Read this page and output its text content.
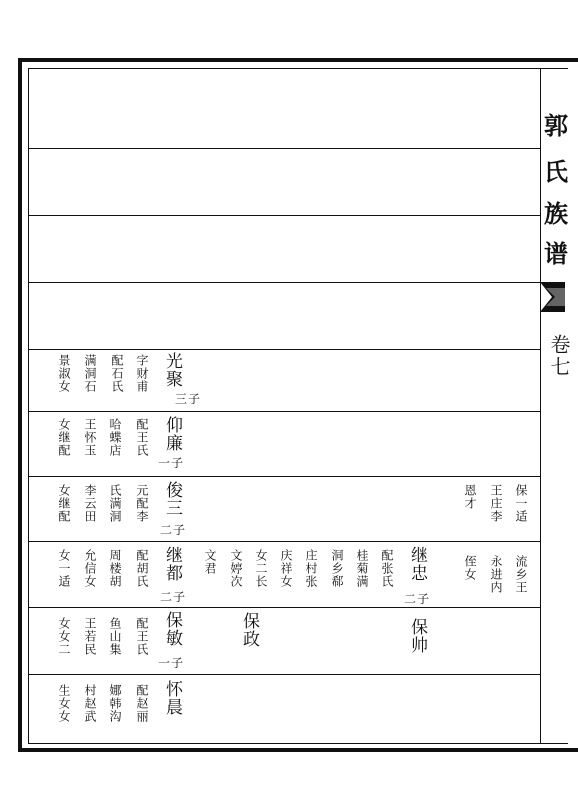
郭
氏
族
谱
卷七
光聚
三子
字财甫
配石氏
满洞石
景淑女
仰廉
一子
配王氏
哈蝶店
王怀玉
女继配
俊三
二子
元配李
氏满洞
李云田
女继配	保一适
王庄李
恩才
继都
二子
配胡氏
周楼胡
允信女
女一适	文君 文婷次 女二长 庆祥女 庄村张 洞乡郗 桂菊满 配张氏 继忠
二子
侄女 永进内 流乡王
保敏
一子
配王氏
鱼山集
王若民
女女二	保政	保帅
怀晨
配赵丽
娜韩沟
村赵武
生女女
